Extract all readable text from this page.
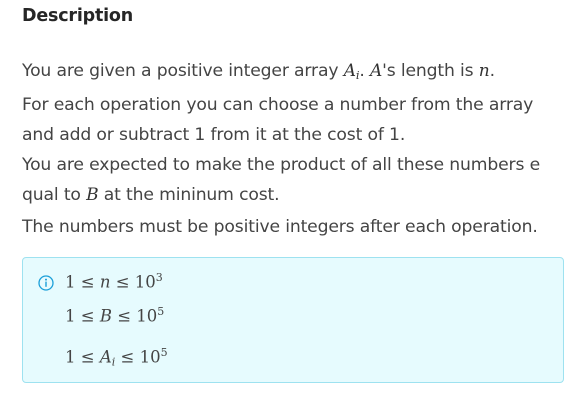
Description

You are given a positive integer array $A_i$. A's length is n.

For each operation you can choose a number from the array

and add or subtract 1 from it at the cost of 1.

You are expected to make the product of all these numbers e

qual to B at the mininum cost.

The numbers must be positive integers after each operation.

$1 \le n \le 10^3$
$1 \le B \le 10^5$
$1 \le A_i \le 10^5$
